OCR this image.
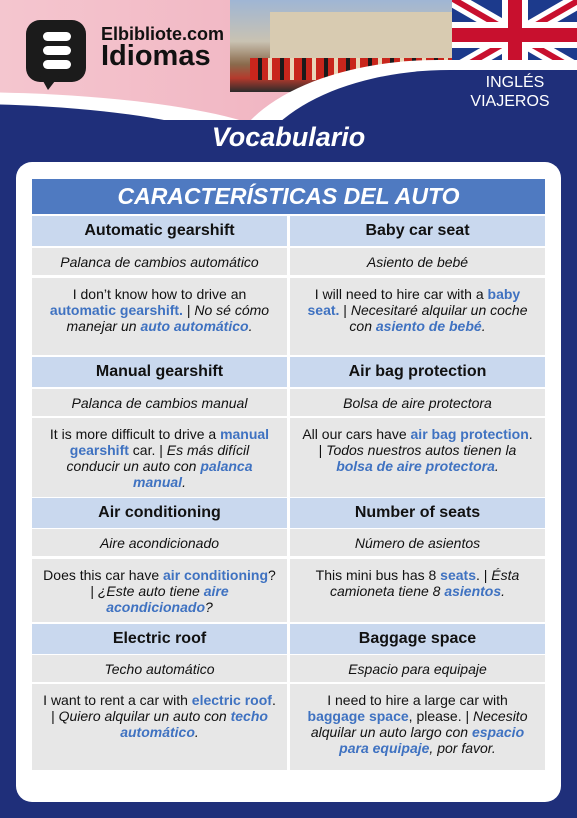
Elbibliote.com
Idiomas
INGLÉS
VIAJEROS
Vocabulario
CARACTERÍSTICAS DEL AUTO
Automatic gearshift
Palanca de cambios automático
I don’t know how to drive an automatic gearshift. | No sé cómo manejar un auto automático.
Baby car seat
Asiento de bebé
I will need to hire car with a baby seat. | Necesitaré alquilar un coche con asiento de bebé.
Manual gearshift
Palanca de cambios manual
It is more difficult to drive a manual gearshift car. | Es más difícil conducir un auto con palanca manual.
Air bag protection
Bolsa de aire protectora
All our cars have air bag protection. | Todos nuestros autos tienen la bolsa de aire protectora.
Air conditioning
Aire acondicionado
Does this car have air conditioning? | ¿Este auto tiene aire acondicionado?
Number of seats
Número de asientos
This mini bus has 8 seats. | Ésta camioneta tiene 8 asientos.
Electric roof
Techo automático
I want to rent a car with electric roof. | Quiero alquilar un auto con techo automático.
Baggage space
Espacio para equipaje
I need to hire a large car with baggage space, please. | Necesito alquilar un auto largo con espacio para equipaje, por favor.
